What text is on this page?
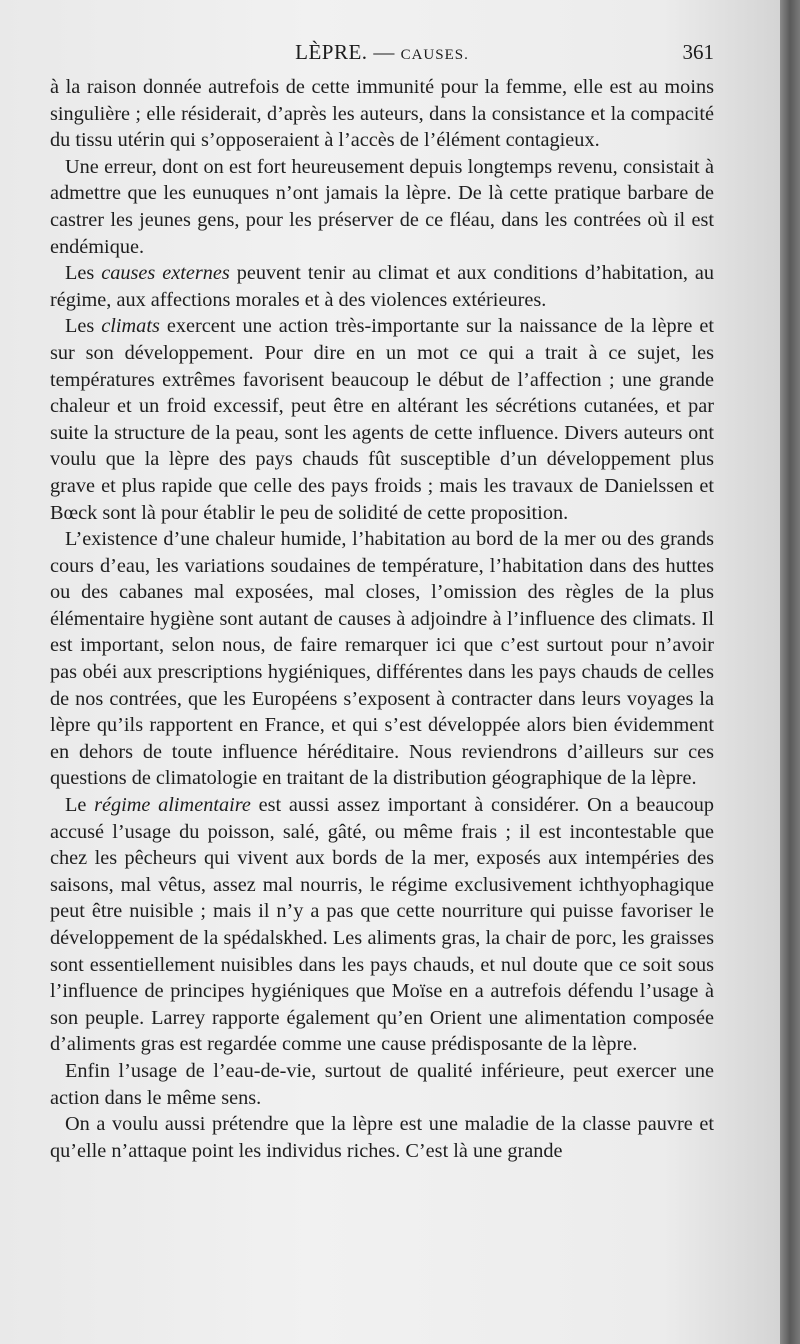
LÈPRE. — CAUSES.	361

à la raison donnée autrefois de cette immunité pour la femme, elle est au moins singulière ; elle résiderait, d’après les auteurs, dans la consistance et la compacité du tissu utérin qui s’opposeraient à l’accès de l’élément contagieux.

Une erreur, dont on est fort heureusement depuis longtemps revenu, consistait à admettre que les eunuques n’ont jamais la lèpre. De là cette pratique barbare de castrer les jeunes gens, pour les préserver de ce fléau, dans les contrées où il est endémique.

Les causes externes peuvent tenir au climat et aux conditions d’habitation, au régime, aux affections morales et à des violences extérieures.

Les climats exercent une action très-importante sur la naissance de la lèpre et sur son développement. Pour dire en un mot ce qui a trait à ce sujet, les températures extrêmes favorisent beaucoup le début de l’affection ; une grande chaleur et un froid excessif, peut être en altérant les sécrétions cutanées, et par suite la structure de la peau, sont les agents de cette influence. Divers auteurs ont voulu que la lèpre des pays chauds fût susceptible d’un développement plus grave et plus rapide que celle des pays froids ; mais les travaux de Danielssen et Bœck sont là pour établir le peu de solidité de cette proposition.

L’existence d’une chaleur humide, l’habitation au bord de la mer ou des grands cours d’eau, les variations soudaines de température, l’habitation dans des huttes ou des cabanes mal exposées, mal closes, l’omission des règles de la plus élémentaire hygiène sont autant de causes à adjoindre à l’influence des climats. Il est important, selon nous, de faire remarquer ici que c’est surtout pour n’avoir pas obéi aux prescriptions hygiéniques, différentes dans les pays chauds de celles de nos contrées, que les Européens s’exposent à contracter dans leurs voyages la lèpre qu’ils rapportent en France, et qui s’est développée alors bien évidemment en dehors de toute influence héréditaire. Nous reviendrons d’ailleurs sur ces questions de climatologie en traitant de la distribution géographique de la lèpre.

Le régime alimentaire est aussi assez important à considérer. On a beaucoup accusé l’usage du poisson, salé, gâté, ou même frais ; il est incontestable que chez les pêcheurs qui vivent aux bords de la mer, exposés aux intempéries des saisons, mal vêtus, assez mal nourris, le régime exclusivement ichthyophagique peut être nuisible ; mais il n’y a pas que cette nourriture qui puisse favoriser le développement de la spédalskhed. Les aliments gras, la chair de porc, les graisses sont essentiellement nuisibles dans les pays chauds, et nul doute que ce soit sous l’influence de principes hygiéniques que Moïse en a autrefois défendu l’usage à son peuple. Larrey rapporte également qu’en Orient une alimentation composée d’aliments gras est regardée comme une cause prédisposante de la lèpre.

Enfin l’usage de l’eau-de-vie, surtout de qualité inférieure, peut exercer une action dans le même sens.

On a voulu aussi prétendre que la lèpre est une maladie de la classe pauvre et qu’elle n’attaque point les individus riches. C’est là une grande
